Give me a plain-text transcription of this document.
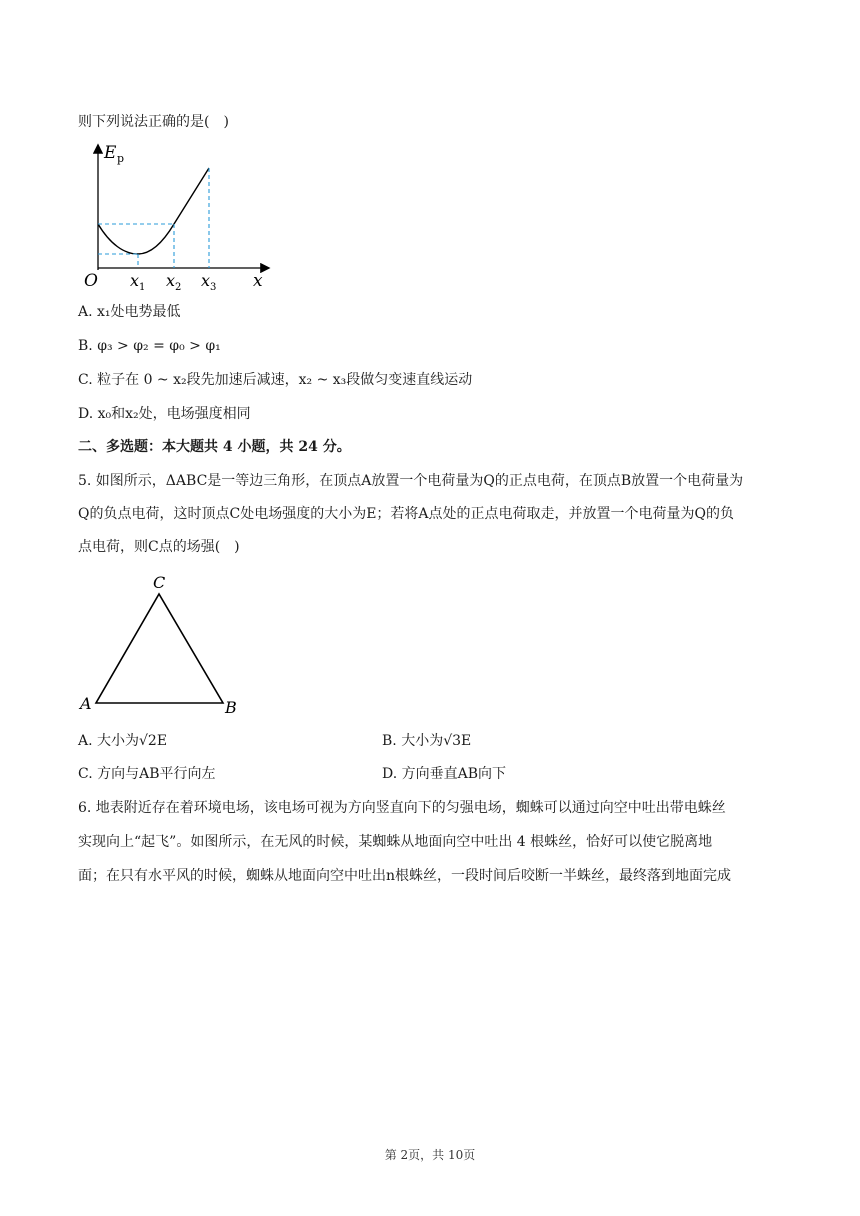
则下列说法正确的是(　)
E p
O x 1 x 2 x 3 x
A. x₁处电势最低
B. φ₃ > φ₂ = φ₀ > φ₁
C. 粒子在 0 ~ x₂段先加速后减速，x₂ ~ x₃段做匀变速直线运动
D. x₀和x₂处，电场强度相同
二、多选题：本大题共 4 小题，共 24 分。
5. 如图所示，ΔABC是一等边三角形，在顶点A放置一个电荷量为Q的正点电荷，在顶点B放置一个电荷量为
Q的负点电荷，这时顶点C处电场强度的大小为E；若将A点处的正点电荷取走，并放置一个电荷量为Q的负
点电荷，则C点的场强(　)
C
A	B
A. 大小为√2E	B. 大小为√3E
C. 方向与AB平行向左	D. 方向垂直AB向下
6. 地表附近存在着环境电场，该电场可视为方向竖直向下的匀强电场，蜘蛛可以通过向空中吐出带电蛛丝
实现向上“起飞”。如图所示，在无风的时候，某蜘蛛从地面向空中吐出 4 根蛛丝，恰好可以使它脱离地
面；在只有水平风的时候，蜘蛛从地面向空中吐出n根蛛丝，一段时间后咬断一半蛛丝，最终落到地面完成
第 2页，共 10页
